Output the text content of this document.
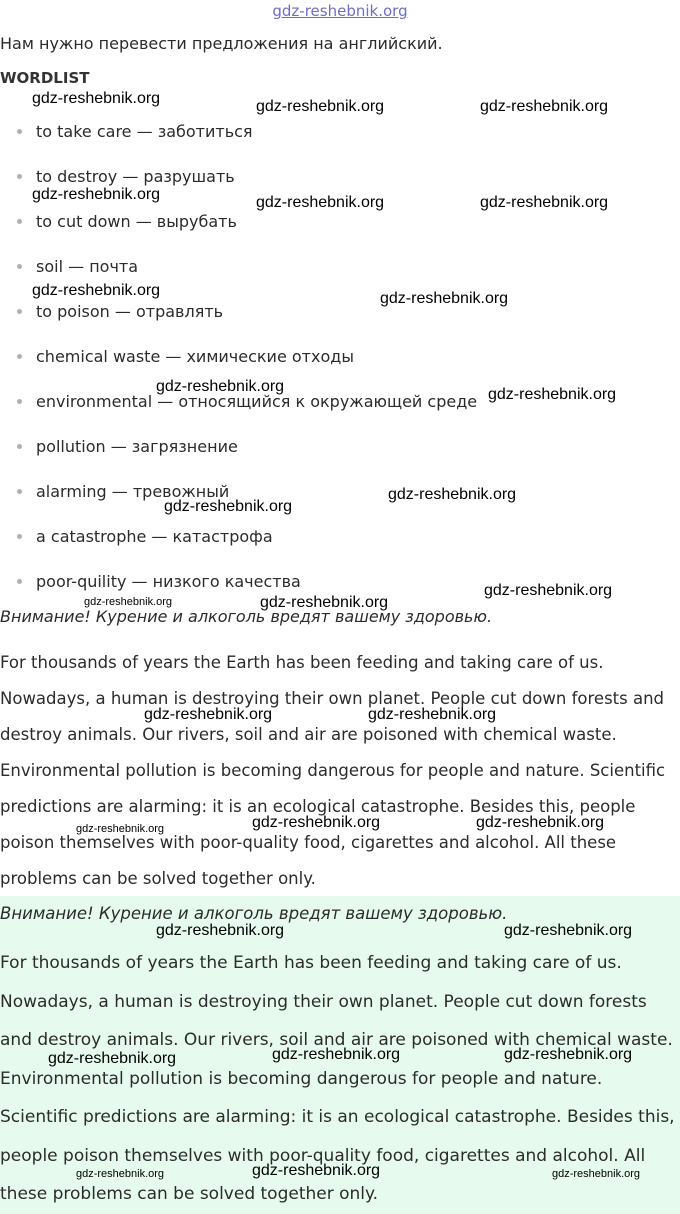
gdz-reshebnik.org
Нам нужно перевести предложения на английский.
WORDLIST
to take care — заботиться
to destroy — разрушать
to cut down — вырубать
soil — почта
to poison — отравлять
chemical waste — химические отходы
environmental — относящийся к окружающей среде
pollution — загрязнение
alarming — тревожный
a catastrophe — катастрофа
poor-quility — низкого качества
Внимание! Курение и алкоголь вредят вашему здоровью.

For thousands of years the Earth has been feeding and taking care of us. Nowadays, a human is destroying their own planet. People cut down forests and destroy animals. Our rivers, soil and air are poisoned with chemical waste. Environmental pollution is becoming dangerous for people and nature. Scientific predictions are alarming: it is an ecological catastrophe. Besides this, people poison themselves with poor-quality food, cigarettes and alcohol. All these problems can be solved together only.

Внимание! Курение и алкоголь вредят вашему здоровью.

For thousands of years the Earth has been feeding and taking care of us. Nowadays, a human is destroying their own planet. People cut down forests and destroy animals. Our rivers, soil and air are poisoned with chemical waste. Environmental pollution is becoming dangerous for people and nature. Scientific predictions are alarming: it is an ecological catastrophe. Besides this, people poison themselves with poor-quality food, cigarettes and alcohol. All these problems can be solved together only.

gdz-reshebnik.org	gdz-reshebnik.org	gdz-reshebnik.org
gdz-reshebnik.org	gdz-reshebnik.org	gdz-reshebnik.org
gdz-reshebnik.org	gdz-reshebnik.org
gdz-reshebnik.org	gdz-reshebnik.org
gdz-reshebnik.org
gdz-reshebnik.org
gdz-reshebnik.org
gdz-reshebnik.org	gdz-reshebnik.org
gdz-reshebnik.org	gdz-reshebnik.org
gdz-reshebnik.org	gdz-reshebnik.org	gdz-reshebnik.org
gdz-reshebnik.org	gdz-reshebnik.org
gdz-reshebnik.org	gdz-reshebnik.org	gdz-reshebnik.org
gdz-reshebnik.org	gdz-reshebnik.org	gdz-reshebnik.org
